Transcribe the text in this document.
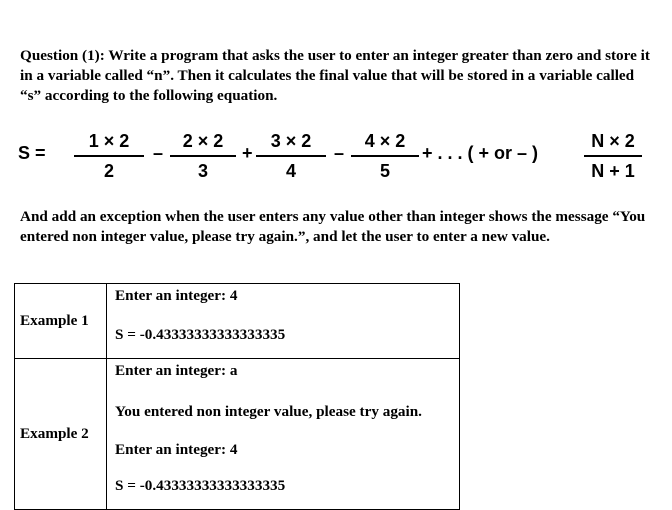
Question (1): Write a program that asks the user to enter an integer greater than zero and store it in a variable called “n”. Then it calculates the final value that will be stored in a variable called “s” according to the following equation.
S =
1 × 2
2
–
2 × 2
3
+
3 × 2
4
–
4 × 2
5
+ . . . ( + or – )
N × 2
N + 1
And add an exception when the user enters any value other than integer shows the message “You entered non integer value, please try again.”, and let the user to enter a new value.
Example 1	Enter an integer: 4
S = -0.43333333333333335

Example 2	Enter an integer: a
You entered non integer value, please try again.
Enter an integer: 4
S = -0.43333333333333335
